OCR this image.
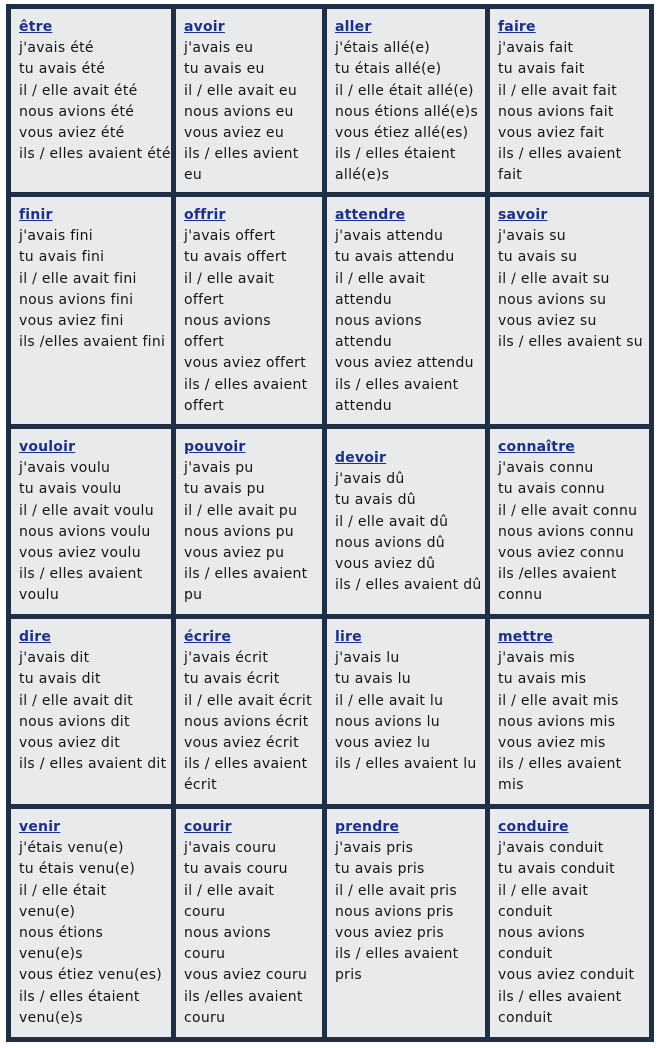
être
j'avais été
tu avais été
il / elle avait été
nous avions été
vous aviez été
ils / elles avaient été
avoir
j'avais eu
tu avais eu
il / elle avait eu
nous avions eu
vous aviez eu
ils / elles avient
eu
aller
j'étais allé(e)
tu étais allé(e)
il / elle était allé(e)
nous étions allé(e)s
vous étiez allé(es)
ils / elles étaient
allé(e)s
faire
j'avais fait
tu avais fait
il / elle avait fait
nous avions fait
vous aviez fait
ils / elles avaient
fait
finir
j'avais fini
tu avais fini
il / elle avait fini
nous avions fini
vous aviez fini
ils /elles avaient fini
offrir
j'avais offert
tu avais offert
il / elle avait
offert
nous avions
offert
vous aviez offert
ils / elles avaient
offert
attendre
j'avais attendu
tu avais attendu
il / elle avait
attendu
nous avions
attendu
vous aviez attendu
ils / elles avaient
attendu
savoir
j'avais su
tu avais su
il / elle avait su
nous avions su
vous aviez su
ils / elles avaient su
vouloir
j'avais voulu
tu avais voulu
il / elle avait voulu
nous avions voulu
vous aviez voulu
ils / elles avaient
voulu
pouvoir
j'avais pu
tu avais pu
il / elle avait pu
nous avions pu
vous aviez pu
ils / elles avaient
pu
devoir
j'avais dû
tu avais dû
il / elle avait dû
nous avions dû
vous aviez dû
ils / elles avaient dû
connaître
j'avais connu
tu avais connu
il / elle avait connu
nous avions connu
vous aviez connu
ils /elles avaient
connu
dire
j'avais dit
tu avais dit
il / elle avait dit
nous avions dit
vous aviez dit
ils / elles avaient dit
écrire
j'avais écrit
tu avais écrit
il / elle avait écrit
nous avions écrit
vous aviez écrit
ils / elles avaient
écrit
lire
j'avais lu
tu avais lu
il / elle avait lu
nous avions lu
vous aviez lu
ils / elles avaient lu
mettre
j'avais mis
tu avais mis
il / elle avait mis
nous avions mis
vous aviez mis
ils / elles avaient
mis
venir
j'étais venu(e)
tu étais venu(e)
il / elle était
venu(e)
nous étions
venu(e)s
vous étiez venu(es)
ils / elles étaient
venu(e)s
courir
j'avais couru
tu avais couru
il / elle avait
couru
nous avions
couru
vous aviez couru
ils /elles avaient
couru
prendre
j'avais pris
tu avais pris
il / elle avait pris
nous avions pris
vous aviez pris
ils / elles avaient
pris
conduire
j'avais conduit
tu avais conduit
il / elle avait
conduit
nous avions
conduit
vous aviez conduit
ils / elles avaient
conduit
